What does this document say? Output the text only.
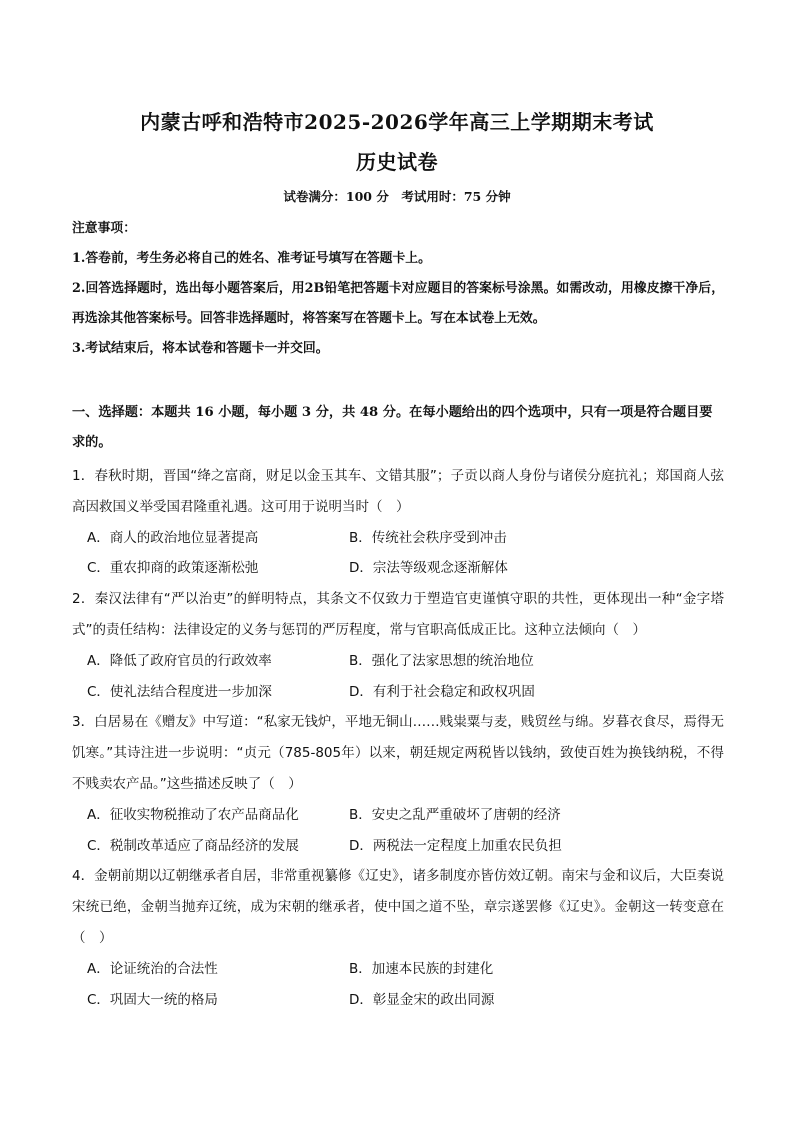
内蒙古呼和浩特市2025-2026学年高三上学期期末考试
历史试卷
试卷满分：100 分　考试用时：75 分钟
注意事项：
1.答卷前，考生务必将自己的姓名、准考证号填写在答题卡上。
2.回答选择题时，选出每小题答案后，用2B铅笔把答题卡对应题目的答案标号涂黑。如需改动，用橡皮擦干净后，再选涂其他答案标号。回答非选择题时，将答案写在答题卡上。写在本试卷上无效。
3.考试结束后，将本试卷和答题卡一并交回。
一、选择题：本题共 16 小题，每小题 3 分，共 48 分。在每小题给出的四个选项中，只有一项是符合题目要求的。
1．春秋时期，晋国“绛之富商，财足以金玉其车、文错其服”；子贡以商人身份与诸侯分庭抗礼；郑国商人弦高因救国义举受国君隆重礼遇。这可用于说明当时（　）
A．商人的政治地位显著提高	B．传统社会秩序受到冲击
C．重农抑商的政策逐渐松弛	D．宗法等级观念逐渐解体
2．秦汉法律有“严以治吏”的鲜明特点，其条文不仅致力于塑造官吏谨慎守职的共性，更体现出一种“金字塔式”的责任结构：法律设定的义务与惩罚的严厉程度，常与官职高低成正比。这种立法倾向（　）
A．降低了政府官员的行政效率	B．强化了法家思想的统治地位
C．使礼法结合程度进一步加深	D．有利于社会稳定和政权巩固
3．白居易在《赠友》中写道：“私家无钱炉，平地无铜山……贱粜粟与麦，贱贸丝与绵。岁暮衣食尽，焉得无饥寒。”其诗注进一步说明：“贞元（785-805年）以来，朝廷规定两税皆以钱纳，致使百姓为换钱纳税，不得不贱卖农产品。”这些描述反映了（　）
A．征收实物税推动了农产品商品化	B．安史之乱严重破坏了唐朝的经济
C．税制改革适应了商品经济的发展	D．两税法一定程度上加重农民负担
4．金朝前期以辽朝继承者自居，非常重视纂修《辽史》，诸多制度亦皆仿效辽朝。南宋与金和议后，大臣奏说宋统已绝，金朝当抛弃辽统，成为宋朝的继承者，使中国之道不坠，章宗遂罢修《辽史》。金朝这一转变意在（　）
A．论证统治的合法性	B．加速本民族的封建化
C．巩固大一统的格局	D．彰显金宋的政出同源
